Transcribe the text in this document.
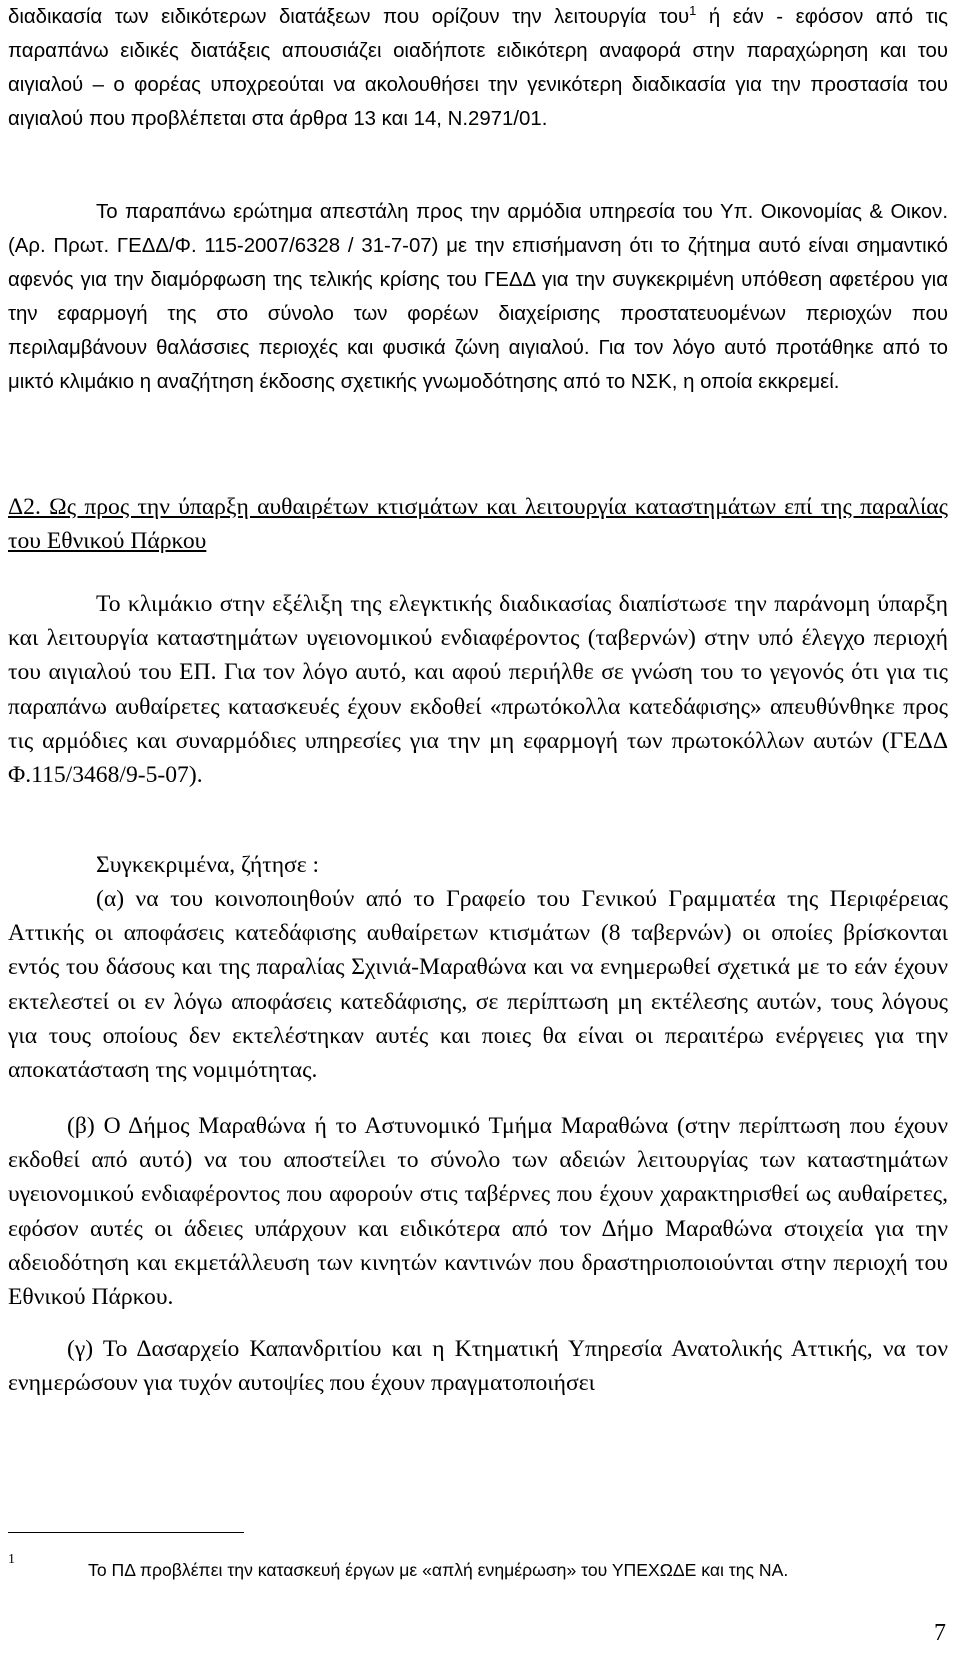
διαδικασία των ειδικότερων διατάξεων που ορίζουν την λειτουργία του$^1$ ή εάν - εφόσον από τις παραπάνω ειδικές διατάξεις απουσιάζει οιαδήποτε ειδικότερη αναφορά στην παραχώρηση και του αιγιαλού – ο φορέας υποχρεούται να ακολουθήσει την γενικότερη διαδικασία για την προστασία του αιγιαλού που προβλέπεται στα άρθρα 13 και 14, Ν.2971/01.
Το παραπάνω ερώτημα απεστάλη προς την αρμόδια υπηρεσία του Υπ. Οικονομίας & Οικον. (Αρ. Πρωτ. ΓΕΔΔ/Φ. 115-2007/6328 / 31-7-07) με την επισήμανση ότι το ζήτημα αυτό είναι σημαντικό αφενός για την διαμόρφωση της τελικής κρίσης του ΓΕΔΔ για την συγκεκριμένη υπόθεση αφετέρου για την εφαρμογή της στο σύνολο των φορέων διαχείρισης προστατευομένων περιοχών που περιλαμβάνουν θαλάσσιες περιοχές και φυσικά ζώνη αιγιαλού. Για τον λόγο αυτό προτάθηκε από το μικτό κλιμάκιο η αναζήτηση έκδοσης σχετικής γνωμοδότησης από το ΝΣΚ, η οποία εκκρεμεί.
Δ2. Ως προς την ύπαρξη αυθαιρέτων κτισμάτων και λειτουργία καταστημάτων επί της παραλίας του Εθνικού Πάρκου
Το κλιμάκιο στην εξέλιξη της ελεγκτικής διαδικασίας διαπίστωσε την παράνομη ύπαρξη και λειτουργία καταστημάτων υγειονομικού ενδιαφέροντος (ταβερνών) στην υπό έλεγχο περιοχή του αιγιαλού του ΕΠ. Για τον λόγο αυτό, και αφού περιήλθε σε γνώση του το γεγονός ότι για τις παραπάνω αυθαίρετες κατασκευές έχουν εκδοθεί «πρωτόκολλα κατεδάφισης» απευθύνθηκε προς τις αρμόδιες και συναρμόδιες υπηρεσίες για την μη εφαρμογή των πρωτοκόλλων αυτών (ΓΕΔΔ Φ.115/3468/9-5-07).
Συγκεκριμένα, ζήτησε :
(α) να του κοινοποιηθούν από το Γραφείο του Γενικού Γραμματέα της Περιφέρειας Αττικής οι αποφάσεις κατεδάφισης αυθαίρετων κτισμάτων (8 ταβερνών) οι οποίες βρίσκονται εντός του δάσους και της παραλίας Σχινιά-Μαραθώνα και να ενημερωθεί σχετικά με το εάν έχουν εκτελεστεί οι εν λόγω αποφάσεις κατεδάφισης, σε περίπτωση μη εκτέλεσης αυτών, τους λόγους για τους οποίους δεν εκτελέστηκαν αυτές και ποιες θα είναι οι περαιτέρω ενέργειες για την αποκατάσταση της νομιμότητας.
(β) Ο Δήμος Μαραθώνα ή το Αστυνομικό Τμήμα Μαραθώνα (στην περίπτωση που έχουν εκδοθεί από αυτό) να του αποστείλει το σύνολο των αδειών λειτουργίας των καταστημάτων υγειονομικού ενδιαφέροντος που αφορούν στις ταβέρνες που έχουν χαρακτηρισθεί ως αυθαίρετες, εφόσον αυτές οι άδειες υπάρχουν και ειδικότερα από τον Δήμο Μαραθώνα στοιχεία για την αδειοδότηση και εκμετάλλευση των κινητών καντινών που δραστηριοποιούνται στην περιοχή του Εθνικού Πάρκου.
(γ) Το Δασαρχείο Καπανδριτίου και η Κτηματική Υπηρεσία Ανατολικής Αττικής, να τον ενημερώσουν για τυχόν αυτοψίες που έχουν πραγματοποιήσει
1
Το ΠΔ προβλέπει την κατασκευή έργων με «απλή ενημέρωση» του ΥΠΕΧΩΔΕ και της ΝΑ.
7
